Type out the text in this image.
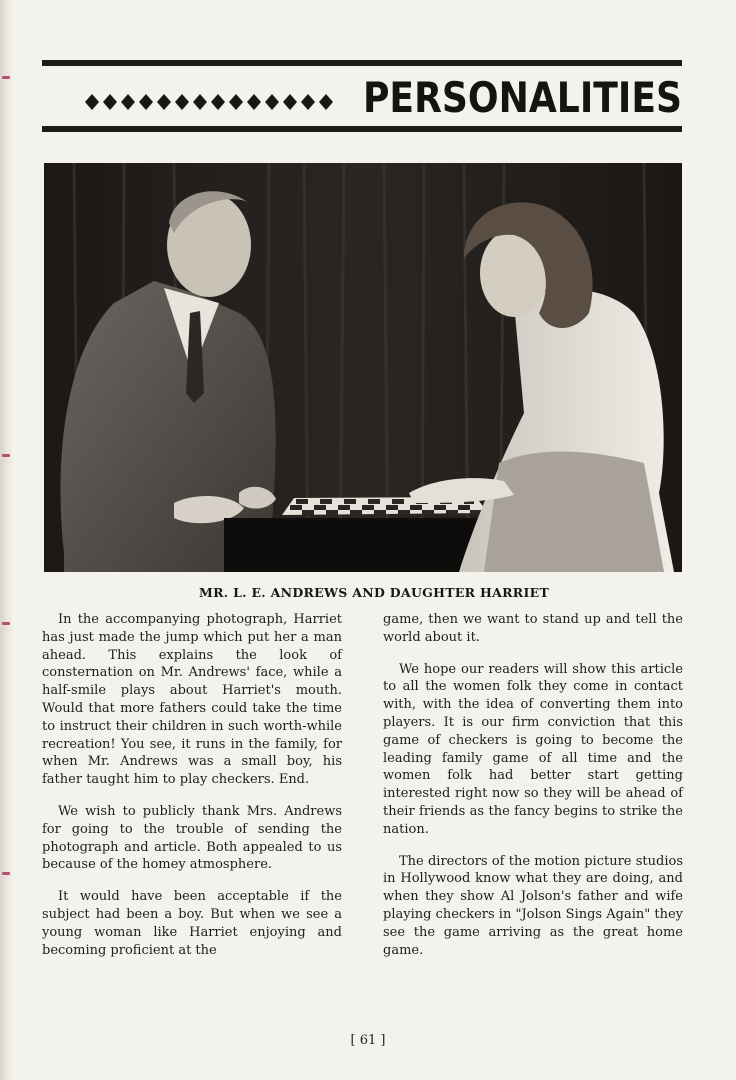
PERSONALITIES
MR. L. E. ANDREWS AND DAUGHTER HARRIET

In the accompanying photograph, Harriet has just made the jump which put her a man ahead. This explains the look of consternation on Mr. Andrews' face, while a half-smile plays about Harriet's mouth. Would that more fathers could take the time to instruct their children in such worth-while recreation! You see, it runs in the family, for when Mr. Andrews was a small boy, his father taught him to play checkers. End.

We wish to publicly thank Mrs. Andrews for going to the trouble of sending the photograph and article. Both appealed to us because of the homey atmosphere.

It would have been acceptable if the subject had been a boy. But when we see a young woman like Harriet enjoying and becoming proficient at the

game, then we want to stand up and tell the world about it.

We hope our readers will show this article to all the women folk they come in contact with, with the idea of converting them into players. It is our firm conviction that this game of checkers is going to become the leading family game of all time and the women folk had better start getting interested right now so they will be ahead of their friends as the fancy begins to strike the nation.

The directors of the motion picture studios in Hollywood know what they are doing, and when they show Al Jolson's father and wife playing checkers in "Jolson Sings Again" they see the game arriving as the great home game.

[ 61 ]
